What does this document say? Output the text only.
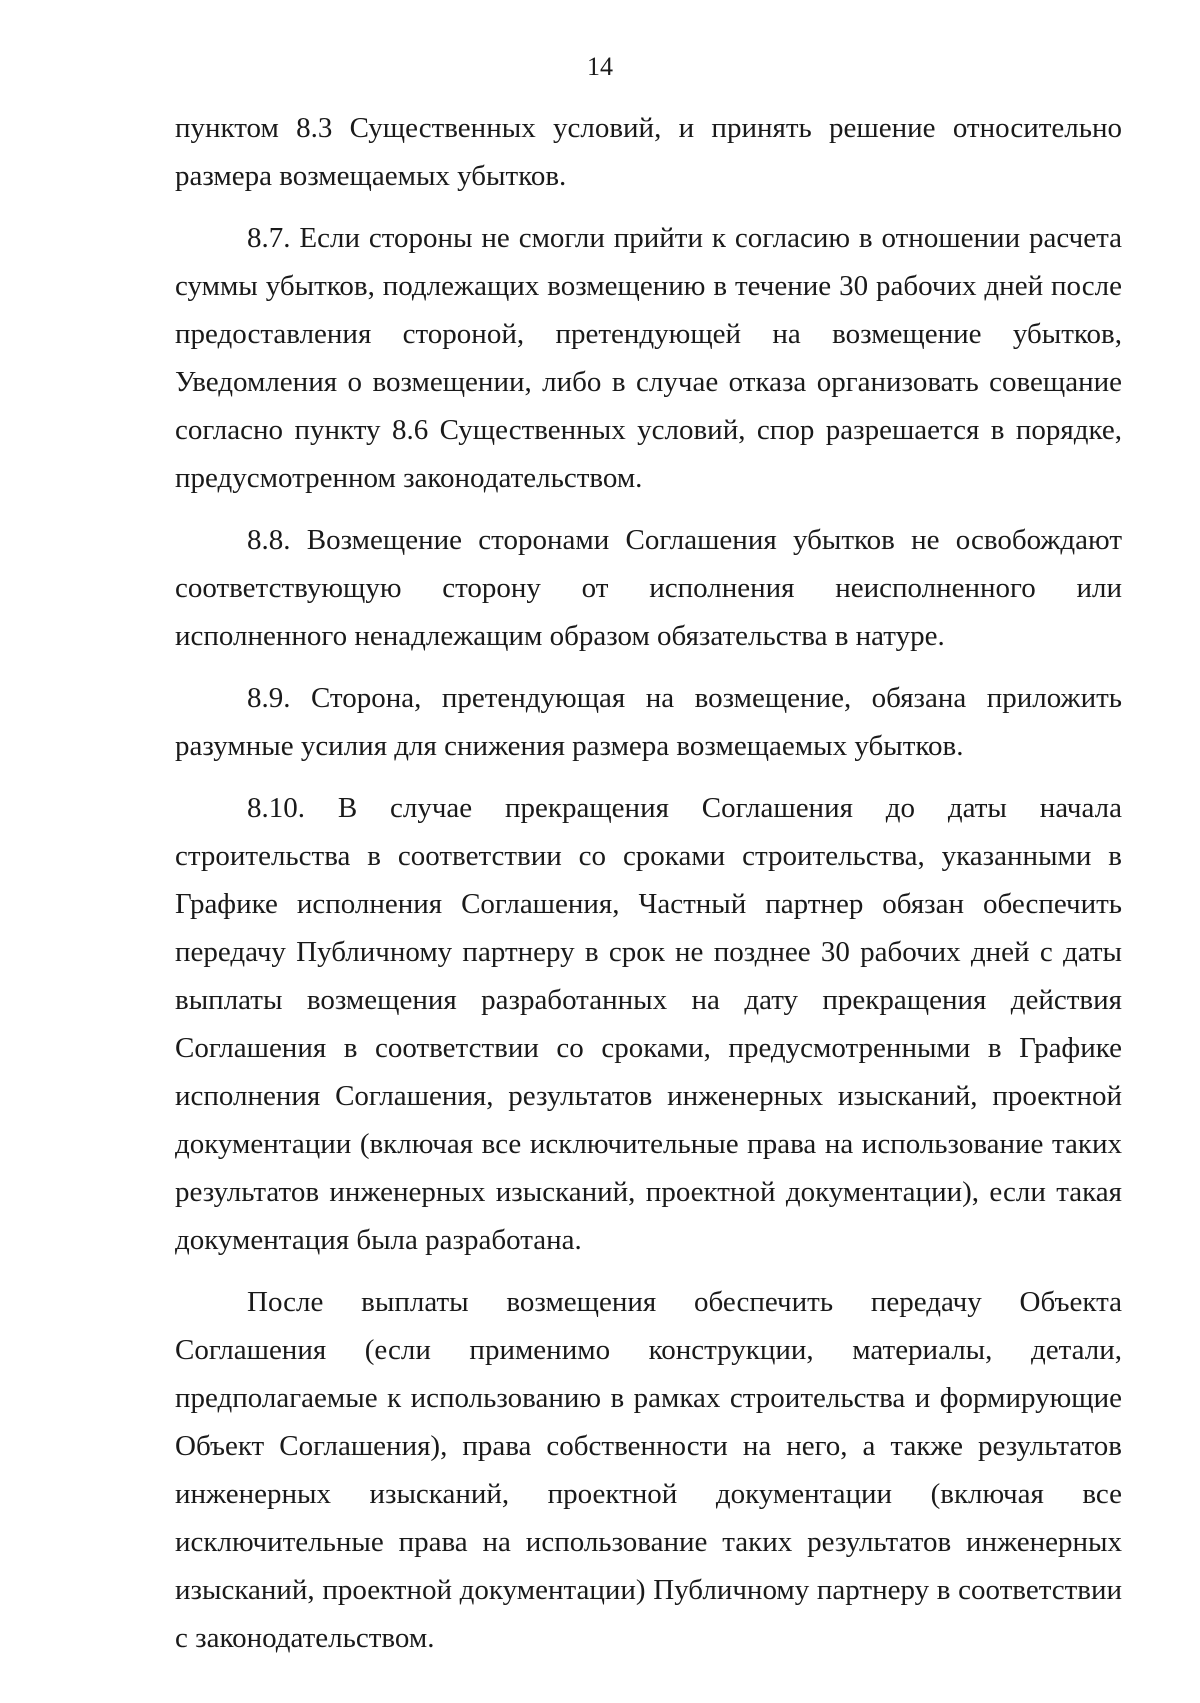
14

пунктом 8.3 Существенных условий, и принять решение относительно размера возмещаемых убытков.

8.7. Если стороны не смогли прийти к согласию в отношении расчета суммы убытков, подлежащих возмещению в течение 30 рабочих дней после предоставления стороной, претендующей на возмещение убытков, Уведомления о возмещении, либо в случае отказа организовать совещание согласно пункту 8.6 Существенных условий, спор разрешается в порядке, предусмотренном законодательством.

8.8. Возмещение сторонами Соглашения убытков не освобождают соответствующую сторону от исполнения неисполненного или исполненного ненадлежащим образом обязательства в натуре.

8.9. Сторона, претендующая на возмещение, обязана приложить разумные усилия для снижения размера возмещаемых убытков.

8.10. В случае прекращения Соглашения до даты начала строительства в соответствии со сроками строительства, указанными в Графике исполнения Соглашения, Частный партнер обязан обеспечить передачу Публичному партнеру в срок не позднее 30 рабочих дней с даты выплаты возмещения разработанных на дату прекращения действия Соглашения в соответствии со сроками, предусмотренными в Графике исполнения Соглашения, результатов инженерных изысканий, проектной документации (включая все исключительные права на использование таких результатов инженерных изысканий, проектной документации), если такая документация была разработана.

После выплаты возмещения обеспечить передачу Объекта Соглашения (если применимо конструкции, материалы, детали, предполагаемые к использованию в рамках строительства и формирующие Объект Соглашения), права собственности на него, а также результатов инженерных изысканий, проектной документации (включая все исключительные права на использование таких результатов инженерных изысканий, проектной документации) Публичному партнеру в соответствии с законодательством.
